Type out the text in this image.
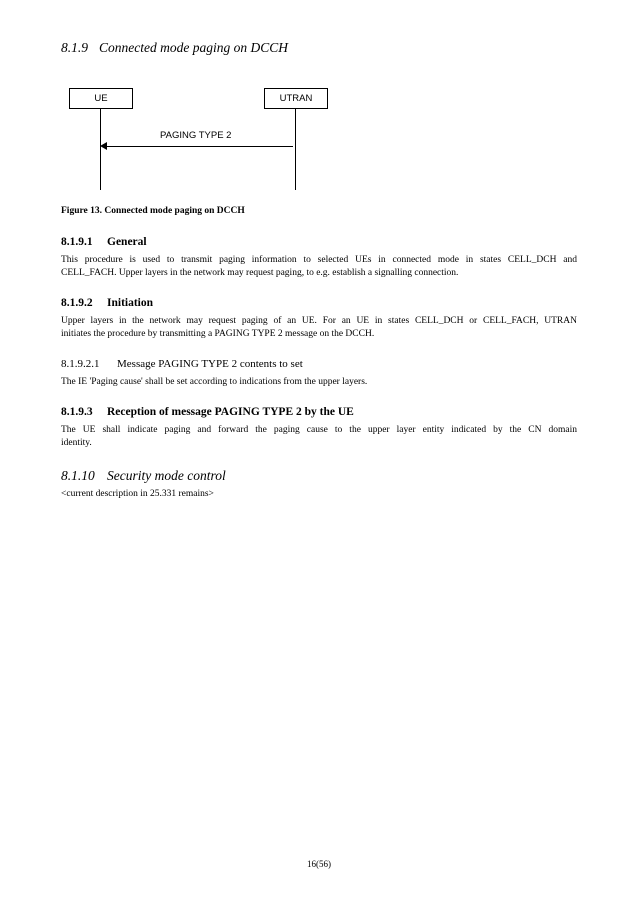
8.1.9 Connected mode paging on DCCH
UE	UTRAN
PAGING TYPE 2
Figure 13. Connected mode paging on DCCH
8.1.9.1 General
This procedure is used to transmit paging information to selected UEs in connected mode in states CELL_DCH and
CELL_FACH. Upper layers in the network may request paging, to e.g. establish a signalling connection.
8.1.9.2 Initiation
Upper layers in the network may request paging of an UE. For an UE in states CELL_DCH or CELL_FACH, UTRAN
initiates the procedure by transmitting a PAGING TYPE 2 message on the DCCH.
8.1.9.2.1 Message PAGING TYPE 2 contents to set
The IE 'Paging cause' shall be set according to indications from the upper layers.
8.1.9.3 Reception of message PAGING TYPE 2 by the UE
The UE shall indicate paging and forward the paging cause to the upper layer entity indicated by the CN domain
identity.
8.1.10 Security mode control
<current description in 25.331 remains>
16(56)
